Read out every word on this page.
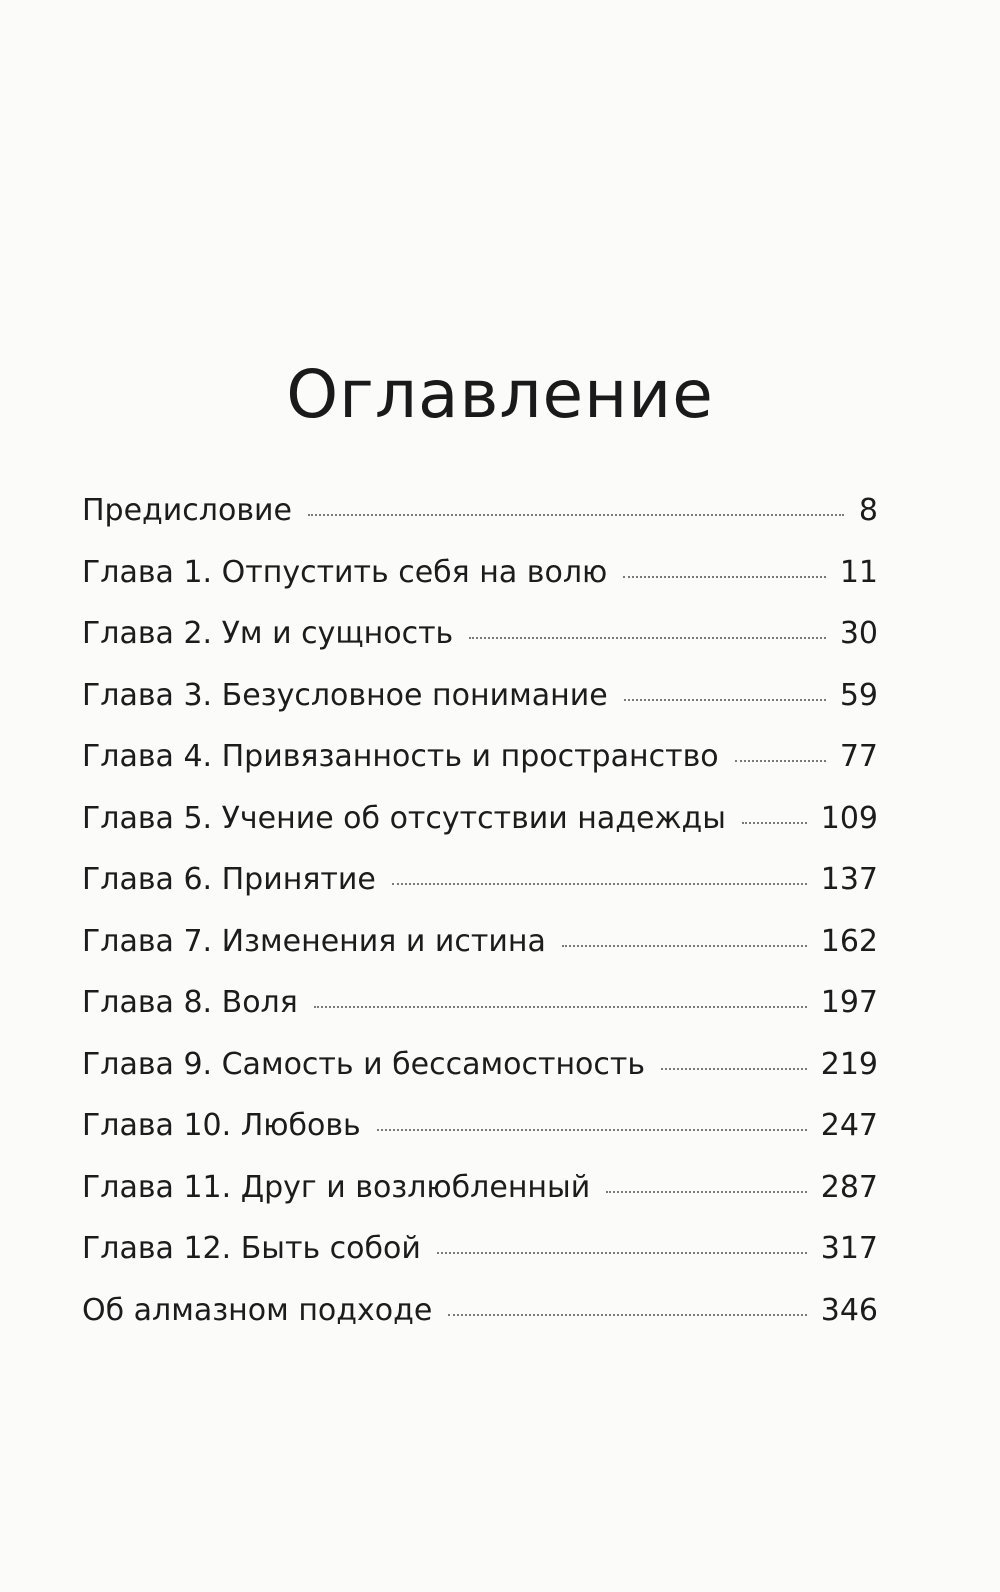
Оглавление
Предисловие	8
Глава 1. Отпустить себя на волю	11
Глава 2. Ум и сущность	30
Глава 3. Безусловное понимание	59
Глава 4. Привязанность и пространство	77
Глава 5. Учение об отсутствии надежды	109
Глава 6. Принятие	137
Глава 7. Изменения и истина	162
Глава 8. Воля	197
Глава 9. Самость и бессамостность	219
Глава 10. Любовь	247
Глава 11. Друг и возлюбленный	287
Глава 12. Быть собой	317
Об алмазном подходе	346
